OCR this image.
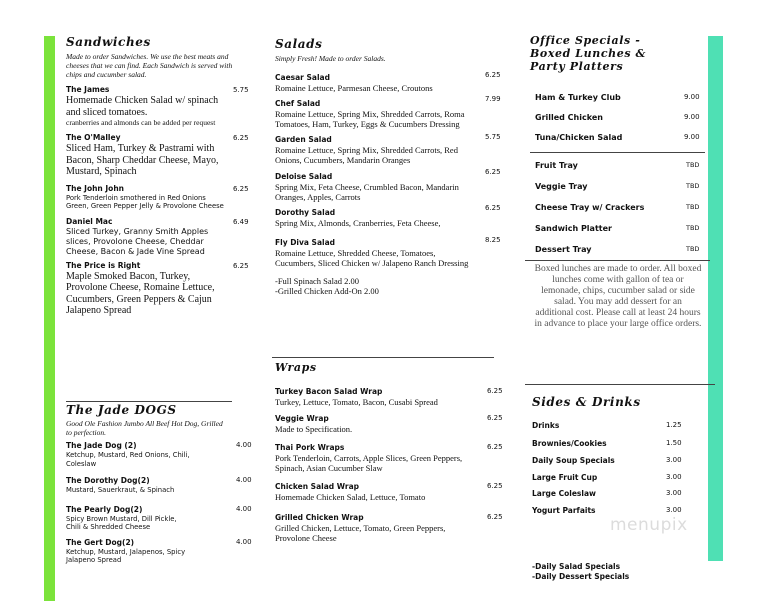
Sandwiches
Made to order Sandwiches. We use the best meats and cheeses that we can find. Each Sandwich is served with chips and cucumber salad.
The James	5.75
Homemade Chicken Salad w/ spinach and sliced tomatoes.
cranberries and almonds can be added per request
The O'Malley	6.25
Sliced Ham, Turkey & Pastrami with Bacon, Sharp Cheddar Cheese, Mayo, Mustard, Spinach
The John John	6.25
Pork Tenderloin smothered in Red Onions Green, Green Pepper Jelly & Provolone Cheese
Daniel Mac	6.49
Sliced Turkey, Granny Smith Apples slices, Provolone Cheese, Cheddar Cheese, Bacon & Jade Vine Spread
The Price is Right	6.25
Maple Smoked Bacon, Turkey, Provolone Cheese, Romaine Lettuce, Cucumbers, Green Peppers & Cajun Jalapeno Spread
The Jade DOGS
Good Ole Fashion Jumbo All Beef Hot Dog, Grilled to perfection.
The Jade Dog (2)	4.00
Ketchup, Mustard, Red Onions, Chili, Coleslaw
The Dorothy Dog(2)	4.00
Mustard, Sauerkraut, & Spinach
The Pearly Dog(2)	4.00
Spicy Brown Mustard, Dill Pickle, Chili & Shredded Cheese
The Gert Dog(2)	4.00
Ketchup, Mustard, Jalapenos, Spicy Jalapeno Spread
Salads
Simply Fresh! Made to order Salads.
Caesar Salad	6.25
Romaine Lettuce, Parmesan Cheese, Croutons
Chef Salad	7.99
Romaine Lettuce, Spring Mix, Shredded Carrots, Roma Tomatoes, Ham, Turkey, Eggs & Cucumbers Dressing
Garden Salad	5.75
Romaine Lettuce, Spring Mix, Shredded Carrots, Red Onions, Cucumbers, Mandarin Oranges
Deloise Salad	6.25
Spring Mix, Feta Cheese, Crumbled Bacon, Mandarin Oranges, Apples, Carrots
Dorothy Salad	6.25
Spring Mix, Almonds, Cranberries, Feta Cheese,
Fly Diva Salad	8.25
Romaine Lettuce, Shredded Cheese, Tomatoes, Cucumbers, Sliced Chicken w/ Jalapeno Ranch Dressing
-Full Spinach Salad 2.00
-Grilled Chicken Add-On 2.00
Wraps
Turkey Bacon Salad Wrap	6.25
Turkey, Lettuce, Tomato, Bacon, Cusabi Spread
Veggie Wrap	6.25
Made to Specification.
Thai Pork Wraps	6.25
Pork Tenderloin, Carrots, Apple Slices, Green Peppers, Spinach, Asian Cucumber Slaw
Chicken Salad Wrap	6.25
Homemade Chicken Salad, Lettuce, Tomato
Grilled Chicken Wrap	6.25
Grilled Chicken, Lettuce, Tomato, Green Peppers, Provolone Cheese
Office Specials -Boxed Lunches & Party Platters
Ham & Turkey Club	9.00
Grilled Chicken	9.00
Tuna/Chicken Salad	9.00
Fruit Tray	TBD
Veggie Tray	TBD
Cheese Tray w/ Crackers	TBD
Sandwich Platter	TBD
Dessert Tray	TBD
Boxed lunches are made to order. All boxed lunches come with gallon of tea or lemonade, chips, cucumber salad or side salad. You may add dessert for an additional cost. Please call at least 24 hours in advance to place your large office orders.
Sides & Drinks
Drinks	1.25
Brownies/Cookies	1.50
Daily Soup Specials	3.00
Large Fruit Cup	3.00
Large Coleslaw	3.00
Yogurt Parfaits	3.00
-Daily Salad Specials
-Daily Dessert Specials
menupix
